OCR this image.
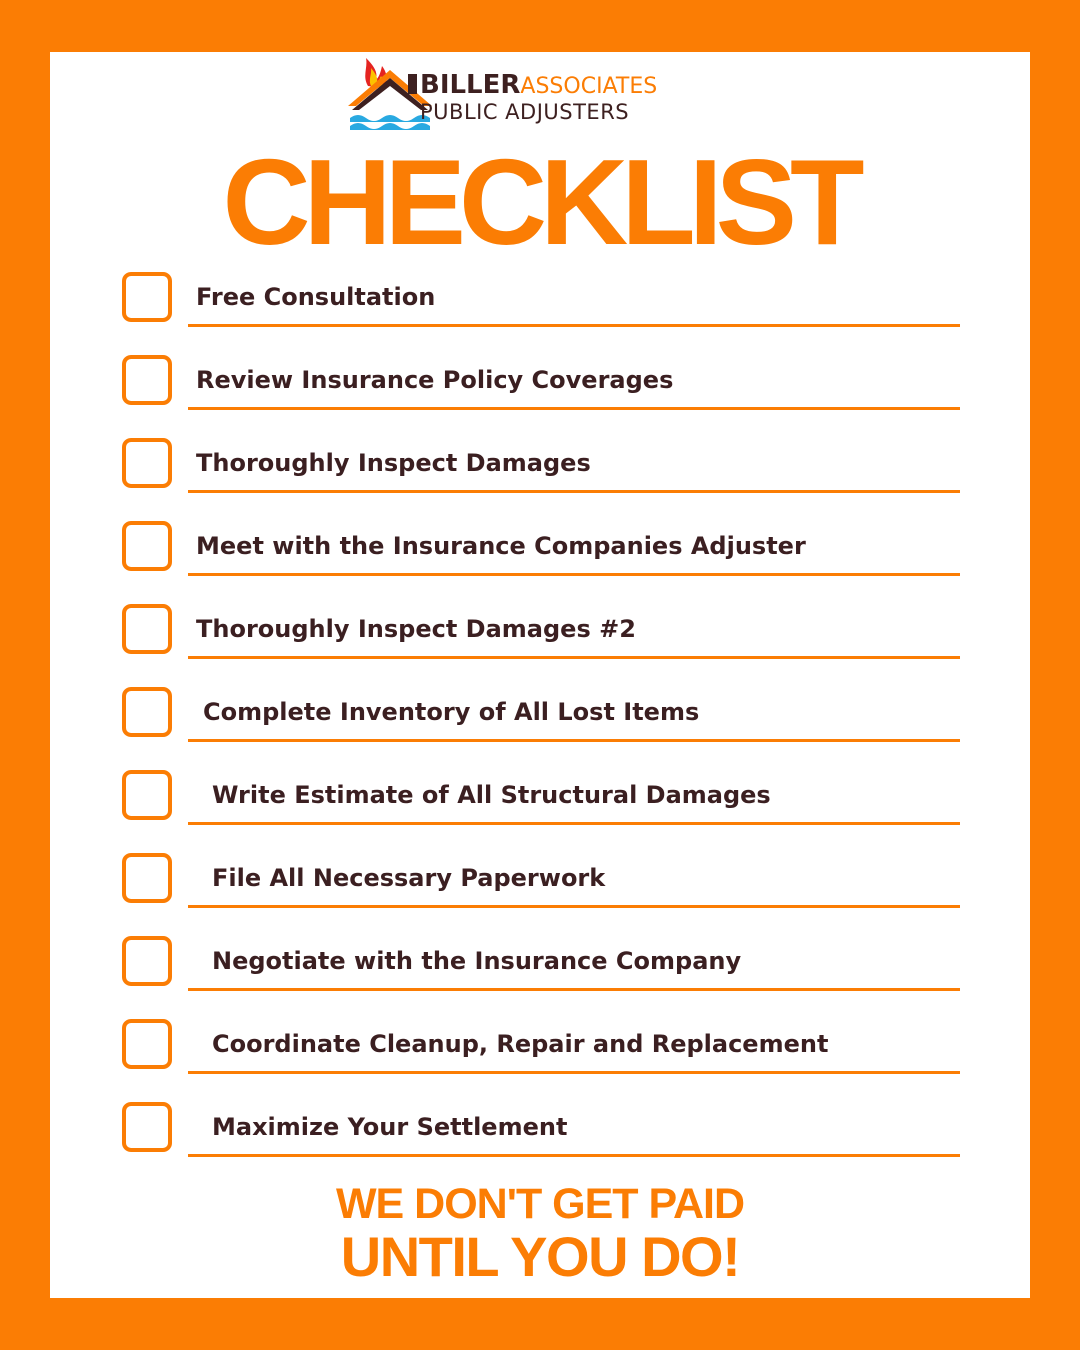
BILLERASSOCIATES
PUBLIC ADJUSTERS
CHECKLIST
Free Consultation
Review Insurance Policy Coverages
Thoroughly Inspect Damages
Meet with the Insurance Companies Adjuster
Thoroughly Inspect Damages #2
Complete Inventory of All Lost Items
Write Estimate of All Structural Damages
File All Necessary Paperwork
Negotiate with the Insurance Company
Coordinate Cleanup, Repair and Replacement
Maximize Your Settlement
WE DON'T GET PAID
UNTIL YOU DO!
